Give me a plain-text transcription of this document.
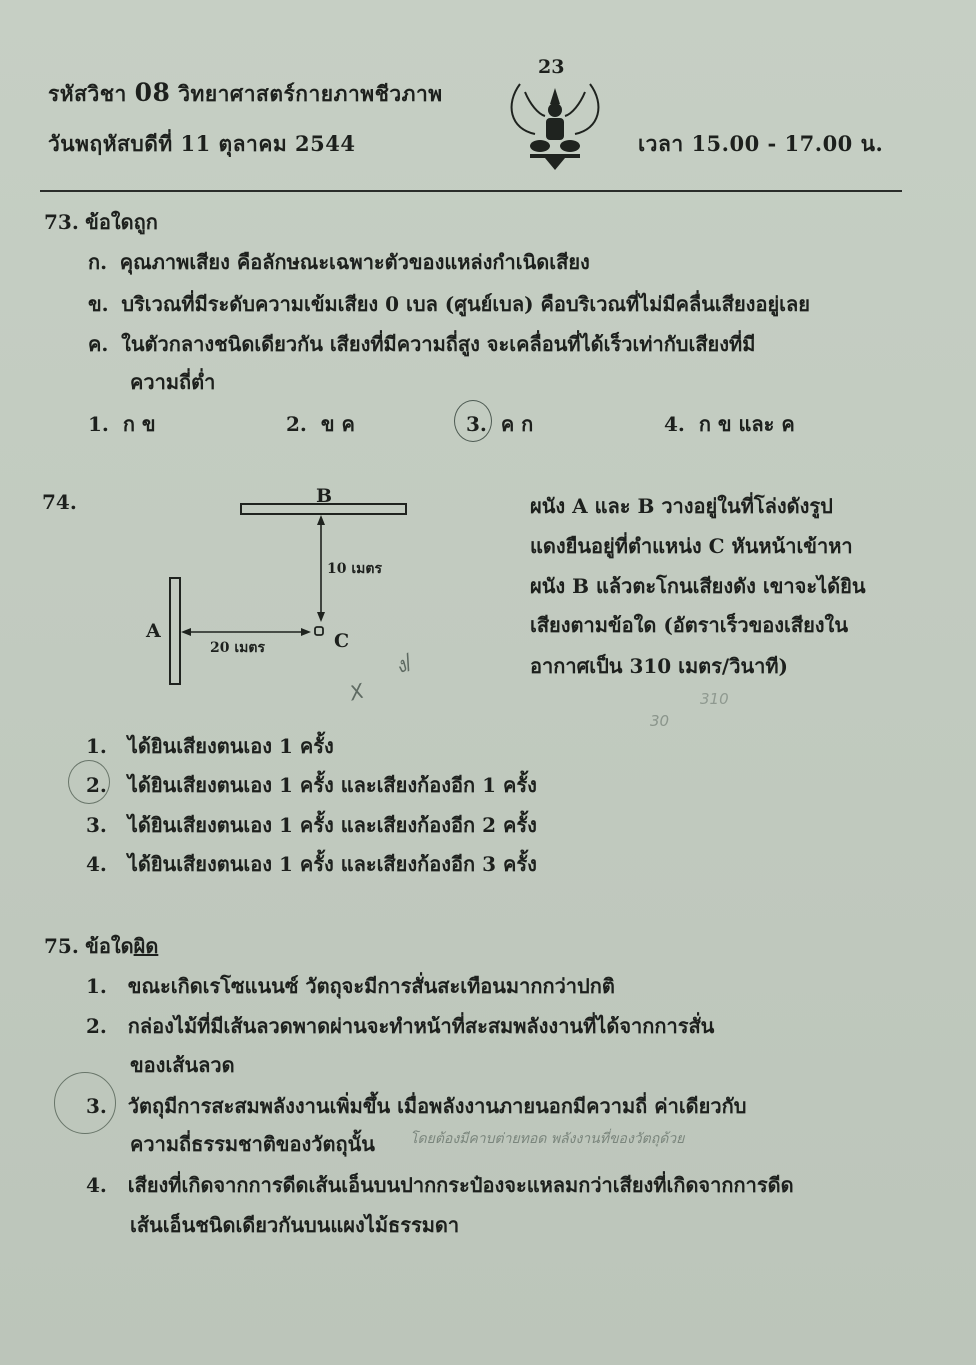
รหัสวิชา 08 วิทยาศาสตร์กายภาพชีวภาพ
วันพฤหัสบดีที่ 11 ตุลาคม 2544
23
เวลา 15.00 - 17.00 น.
73. ข้อใดถูก
ก. คุณภาพเสียง คือลักษณะเฉพาะตัวของแหล่งกำเนิดเสียง
ข. บริเวณที่มีระดับความเข้มเสียง 0 เบล (ศูนย์เบล) คือบริเวณที่ไม่มีคลื่นเสียงอยู่เลย
ค. ในตัวกลางชนิดเดียวกัน เสียงที่มีความถี่สูง จะเคลื่อนที่ได้เร็วเท่ากับเสียงที่มี
ความถี่ต่ำ
1. ก ข	2. ข ค	3. ค ก	4. ก ข และ ค
74.	B
A	C
10 เมตร
20 เมตร
X
ง/
30
310
ผนัง A และ B วางอยู่ในที่โล่งดังรูป
แดงยืนอยู่ที่ตำแหน่ง C หันหน้าเข้าหา
ผนัง B แล้วตะโกนเสียงดัง เขาจะได้ยิน
เสียงตามข้อใด (อัตราเร็วของเสียงใน
อากาศเป็น 310 เมตร/วินาที)
1. ได้ยินเสียงตนเอง 1 ครั้ง
2. ได้ยินเสียงตนเอง 1 ครั้ง และเสียงก้องอีก 1 ครั้ง
3. ได้ยินเสียงตนเอง 1 ครั้ง และเสียงก้องอีก 2 ครั้ง
4. ได้ยินเสียงตนเอง 1 ครั้ง และเสียงก้องอีก 3 ครั้ง
75. ข้อใดผิด
1. ขณะเกิดเรโซแนนซ์ วัตถุจะมีการสั่นสะเทือนมากกว่าปกติ
2. กล่องไม้ที่มีเส้นลวดพาดผ่านจะทำหน้าที่สะสมพลังงานที่ได้จากการสั่น
ของเส้นลวด
3. วัตถุมีการสะสมพลังงานเพิ่มขึ้น เมื่อพลังงานภายนอกมีความถี่ ค่าเดียวกับ
ความถี่ธรรมชาติของวัตถุนั้น	โดยต้องมีคาบต่ายทอด พลังงานที่ของวัตถุด้วย
4. เสียงที่เกิดจากการดีดเส้นเอ็นบนปากกระป๋องจะแหลมกว่าเสียงที่เกิดจากการดีด
เส้นเอ็นชนิดเดียวกันบนแผงไม้ธรรมดา
